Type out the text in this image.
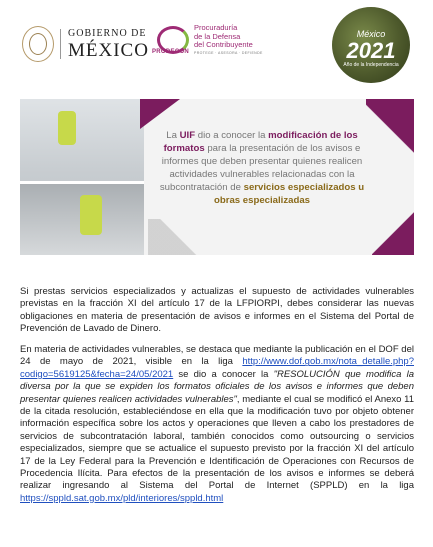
GOBIERNO DE
MÉXICO PRODECON
Procuraduría
de la Defensa
del Contribuyente
PROTEGE · ASESORA · DEFIENDE
México
2021
Año de la Independencia
La UIF dio a conocer la modificación de los formatos para la presentación de los avisos e informes que deben presentar quienes realicen actividades vulnerables relacionadas con la subcontratación de servicios especializados u obras especializadas

Si prestas servicios especializados y actualizas el supuesto de actividades vulnerables previstas en la fracción XI del artículo 17 de la LFPIORPI, debes considerar las nuevas obligaciones en materia de presentación de avisos e informes en el Sistema del Portal de Prevención de Lavado de Dinero.

En materia de actividades vulnerables, se destaca que mediante la publicación en el DOF del 24 de mayo de 2021, visible en la liga http://www.dof.gob.mx/nota_detalle.php?codigo=5619125&fecha=24/05/2021 se dio a conocer la "RESOLUCIÓN que modifica la diversa por la que se expiden los formatos oficiales de los avisos e informes que deben presentar quienes realicen actividades vulnerables", mediante el cual se modificó el Anexo 11 de la citada resolución, estableciéndose en ella que la modificación tuvo por objeto obtener información específica sobre los actos y operaciones que lleven a cabo los prestadores de servicios de subcontratación laboral, también conocidos como outsourcing o servicios especializados, siempre que se actualice el supuesto previsto por la fracción XI del artículo 17 de la Ley Federal para la Prevención e Identificación de Operaciones con Recursos de Procedencia Ilícita. Para efectos de la presentación de los avisos e informes se deberá realizar ingresando al Sistema del Portal de Internet (SPPLD) en la liga https://sppld.sat.gob.mx/pld/interiores/sppld.html
